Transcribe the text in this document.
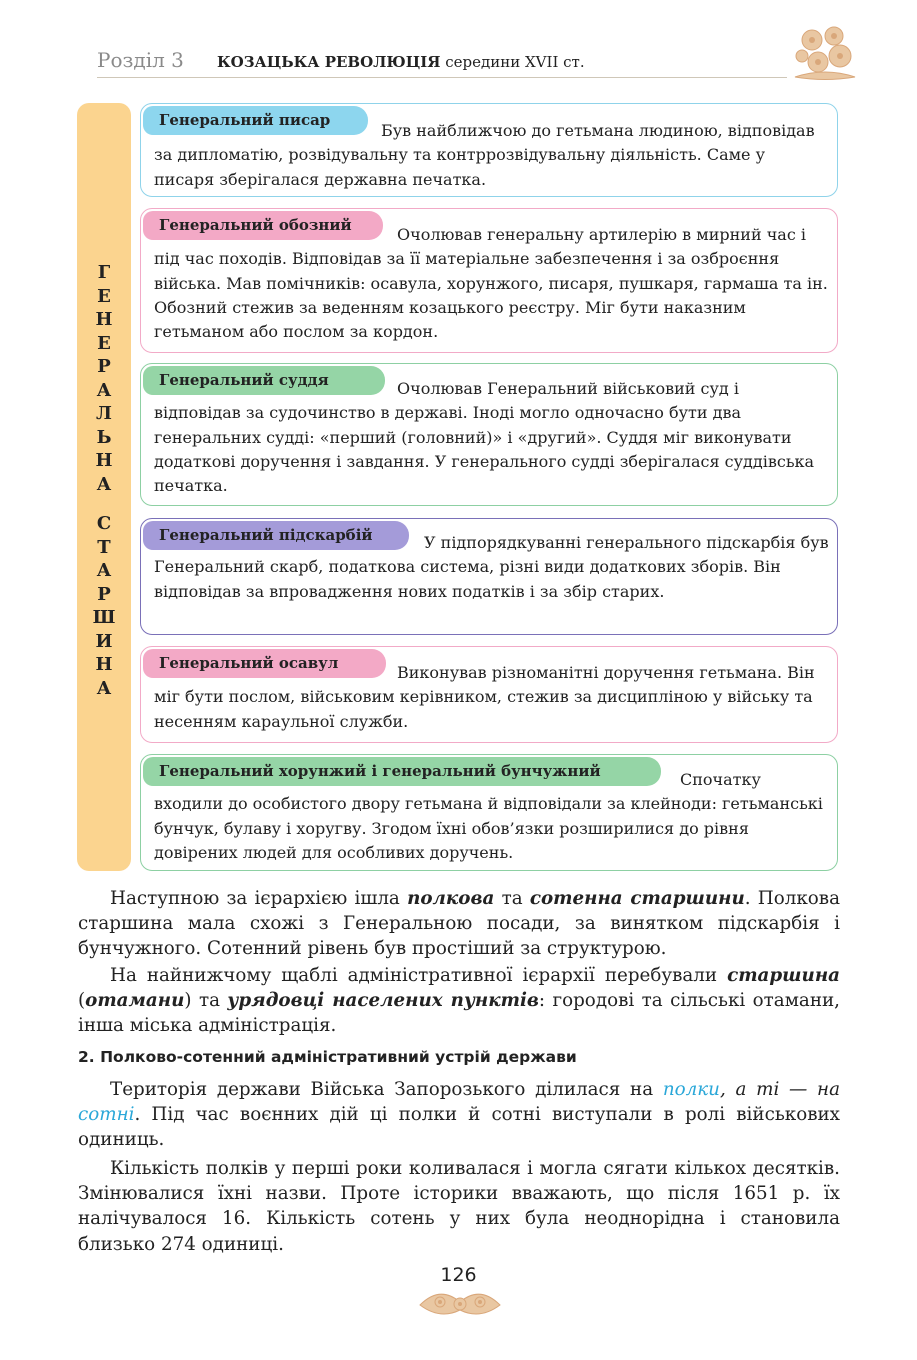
Розділ 3 КОЗАЦЬКА РЕВОЛЮЦІЯ середини XVII ст.
Г
Е
Н
Е
Р
А
Л
Ь
Н
А
С
Т
А
Р
Ш
И
Н
А
Генеральний писар
Був найближчою до гетьмана людиною, відповідав за дипломатію, розвідувальну та контррозвідувальну діяльність. Саме у писаря зберігалася державна печатка.
Генеральний обозний	Очолював генеральну артилерію в мирний час і під час походів. Відповідав за її матеріальне забезпечення і за озброєння війська. Мав помічників: осавула, хорунжого, писаря, пушкаря, гармаша та ін. Обозний стежив за веденням козацького реєстру. Міг бути наказним гетьманом або послом за кордон.
Генеральний суддя	Очолював Генеральний військовий суд і відповідав за судочинство в державі. Іноді могло одночасно бути два генеральних судді: «перший (головний)» і «другий». Суддя міг виконувати додаткові доручення і завдання. У генерального судді зберігалася суддівська печатка.
Генеральний підскарбій	У підпорядкуванні генерального підскарбія був Генеральний скарб, податкова система, різні види додаткових зборів. Він відповідав за впровадження нових податків і за збір старих.
Генеральний осавул	Виконував різноманітні доручення гетьмана. Він міг бути послом, військовим керівником, стежив за дисципліною у війську та несенням караульної служби.
Генеральний хорунжий і генеральний бунчужний	Спочатку входили до особистого двору гетьмана й відповідали за клейноди: гетьманські бунчук, булаву і хоругву. Згодом їхні обов’язки розширилися до рівня довірених людей для особливих доручень.

Наступною за ієрархією ішла полкова та сотенна старшини. Полкова старшина мала схожі з Генеральною посади, за винятком підскарбія і бунчужного. Сотенний рівень був простіший за структурою.

На найнижчому щаблі адміністративної ієрархії перебували старшина (отамани) та урядовці населених пунктів: городові та сільські отамани, інша міська адміністрація.

2. Полково-сотенний адміністративний устрій держави

Територія держави Війська Запорозького ділилася на полки, а ті — на сотні. Під час воєнних дій ці полки й сотні виступали в ролі військових одиниць.

Кількість полків у перші роки коливалася і могла сягати кількох десятків. Змінювалися їхні назви. Проте історики вважають, що після 1651 р. їх налічувалося 16. Кількість сотень у них була неоднорідна і становила близько 274 одиниці.

126
